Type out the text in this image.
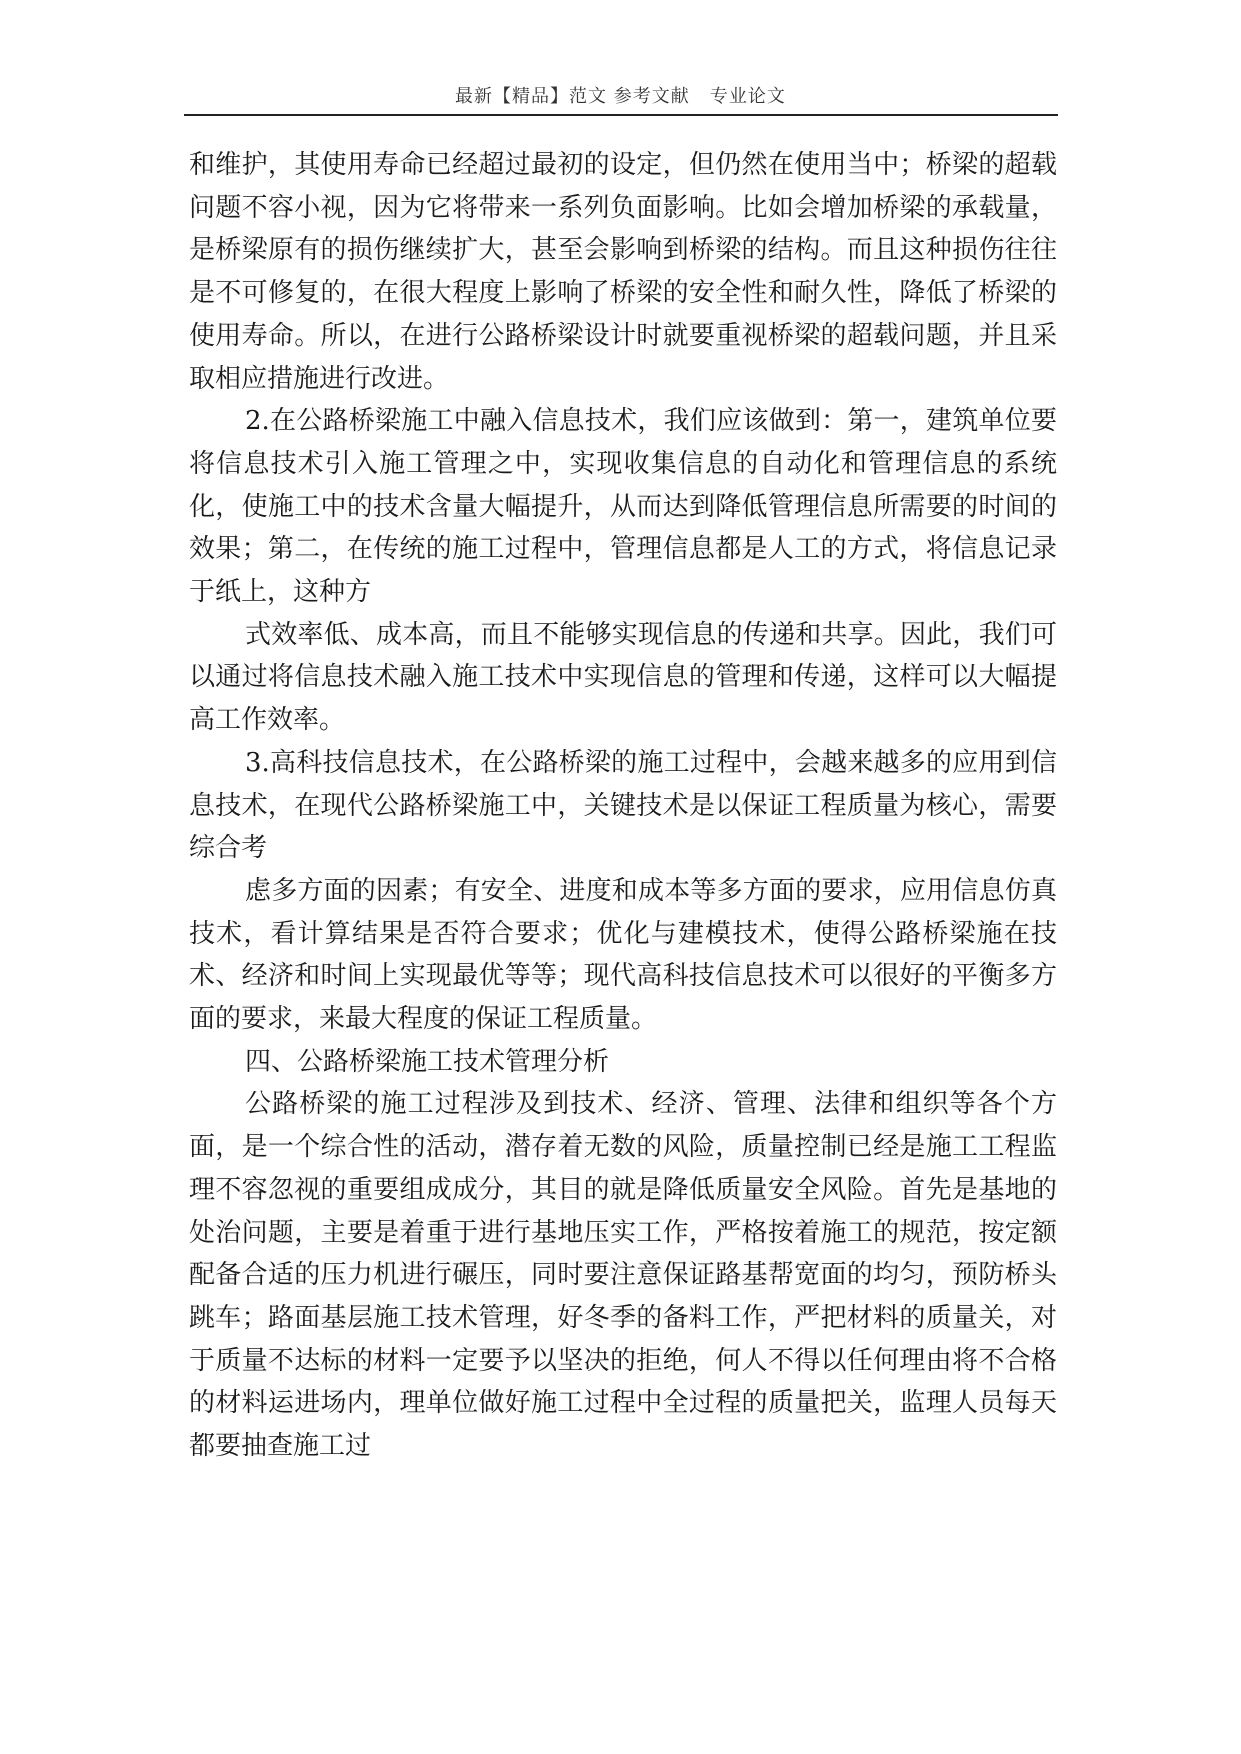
最新【精品】范文 参考文献   专业论文

和维护，其使用寿命已经超过最初的设定，但仍然在使用当中；桥梁的超载问题不容小视，因为它将带来一系列负面影响。比如会增加桥梁的承载量，是桥梁原有的损伤继续扩大，甚至会影响到桥梁的结构。而且这种损伤往往是不可修复的，在很大程度上影响了桥梁的安全性和耐久性，降低了桥梁的使用寿命。所以，在进行公路桥梁设计时就要重视桥梁的超载问题，并且采取相应措施进行改进。

2.在公路桥梁施工中融入信息技术，我们应该做到：第一，建筑单位要将信息技术引入施工管理之中，实现收集信息的自动化和管理信息的系统化，使施工中的技术含量大幅提升，从而达到降低管理信息所需要的时间的效果；第二，在传统的施工过程中，管理信息都是人工的方式，将信息记录于纸上，这种方

式效率低、成本高，而且不能够实现信息的传递和共享。因此，我们可以通过将信息技术融入施工技术中实现信息的管理和传递，这样可以大幅提高工作效率。

3.高科技信息技术，在公路桥梁的施工过程中，会越来越多的应用到信息技术，在现代公路桥梁施工中，关键技术是以保证工程质量为核心，需要综合考

虑多方面的因素；有安全、进度和成本等多方面的要求，应用信息仿真技术，看计算结果是否符合要求；优化与建模技术，使得公路桥梁施在技术、经济和时间上实现最优等等；现代高科技信息技术可以很好的平衡多方面的要求，来最大程度的保证工程质量。

四、公路桥梁施工技术管理分析

公路桥梁的施工过程涉及到技术、经济、管理、法律和组织等各个方面，是一个综合性的活动，潜存着无数的风险，质量控制已经是施工工程监理不容忽视的重要组成成分，其目的就是降低质量安全风险。首先是基地的处治问题，主要是着重于进行基地压实工作，严格按着施工的规范，按定额配备合适的压力机进行碾压，同时要注意保证路基帮宽面的均匀，预防桥头跳车；路面基层施工技术管理，好冬季的备料工作，严把材料的质量关，对于质量不达标的材料一定要予以坚决的拒绝，何人不得以任何理由将不合格的材料运进场内，理单位做好施工过程中全过程的质量把关，监理人员每天都要抽查施工过
